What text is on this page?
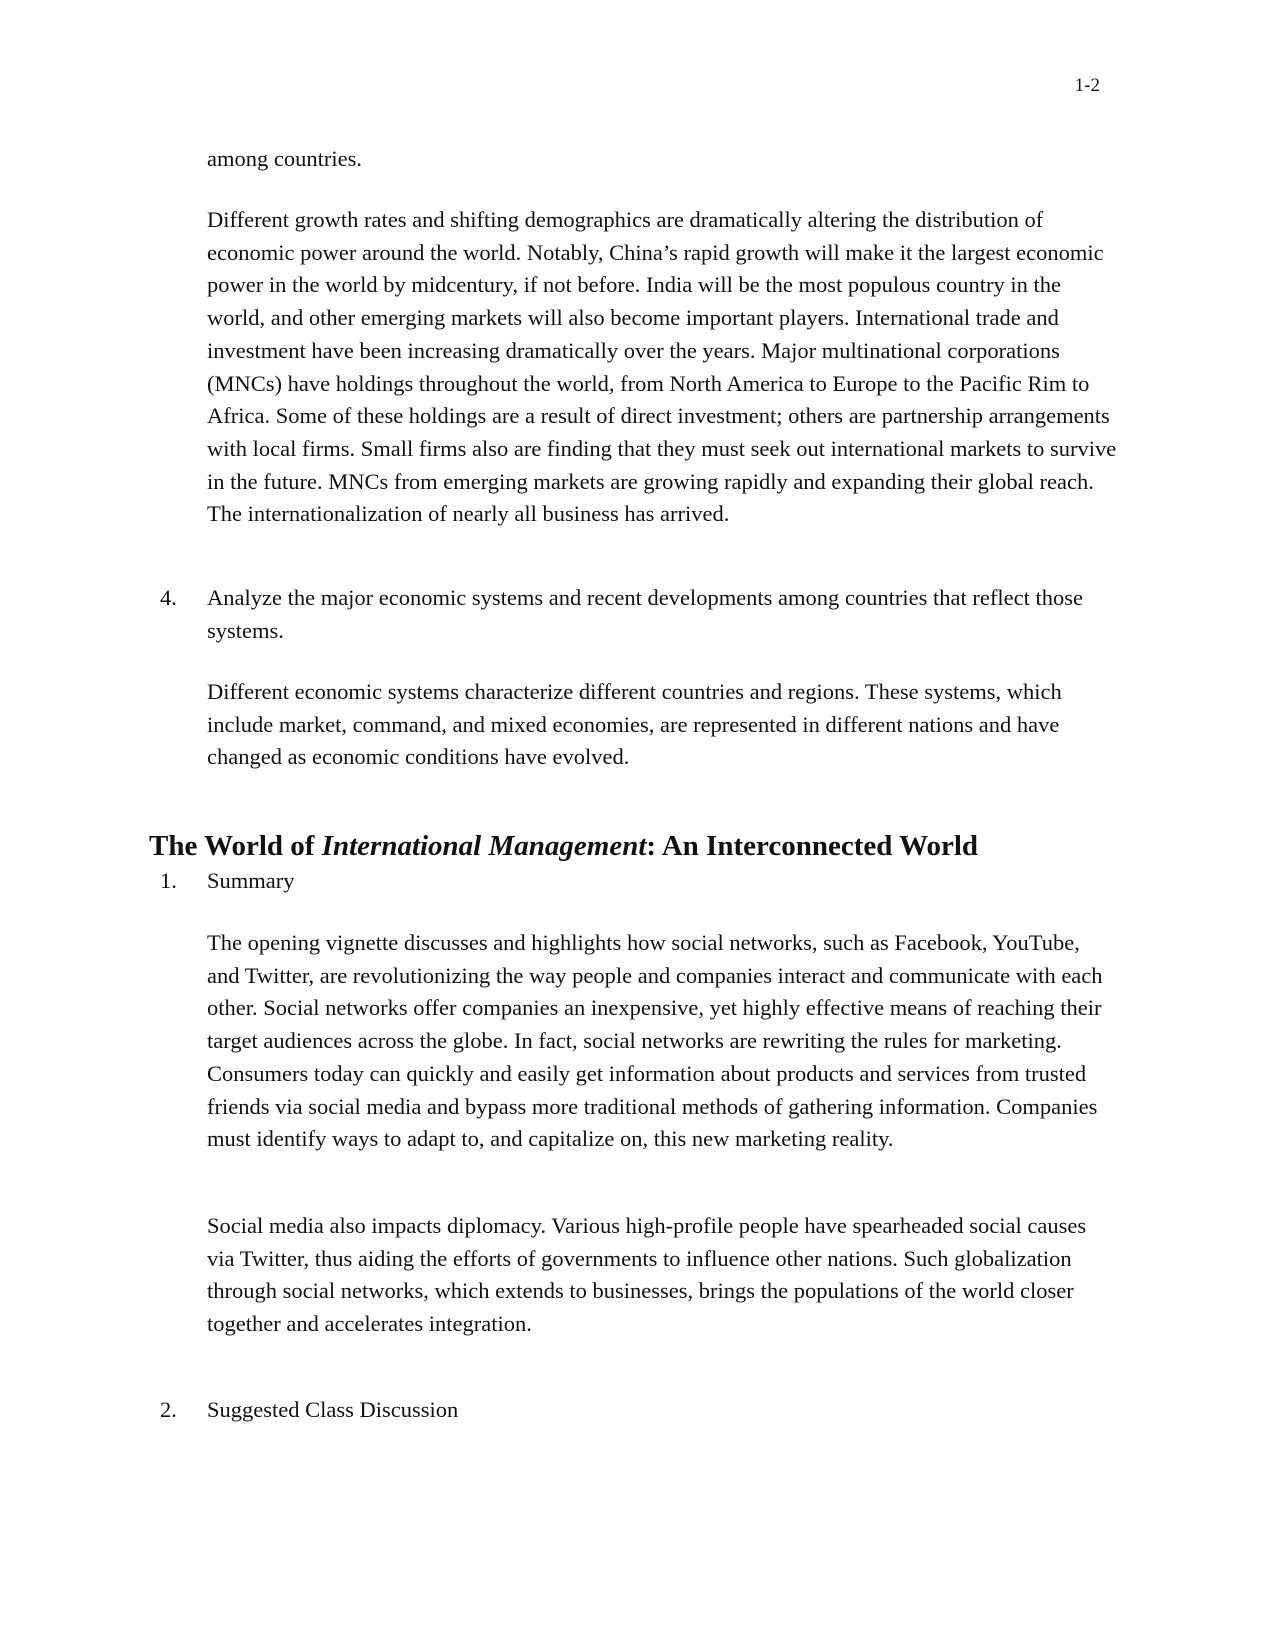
1-2

among countries.

Different growth rates and shifting demographics are dramatically altering the distribution of economic power around the world. Notably, China’s rapid growth will make it the largest economic power in the world by midcentury, if not before. India will be the most populous country in the world, and other emerging markets will also become important players. International trade and investment have been increasing dramatically over the years. Major multinational corporations (MNCs) have holdings throughout the world, from North America to Europe to the Pacific Rim to Africa. Some of these holdings are a result of direct investment; others are partnership arrangements with local firms. Small firms also are finding that they must seek out international markets to survive in the future. MNCs from emerging markets are growing rapidly and expanding their global reach. The internationalization of nearly all business has arrived.

4.	Analyze the major economic systems and recent developments among countries that reflect those systems.

Different economic systems characterize different countries and regions. These systems, which include market, command, and mixed economies, are represented in different nations and have changed as economic conditions have evolved.

The World of International Management: An Interconnected World
1.	Summary

The opening vignette discusses and highlights how social networks, such as Facebook, YouTube, and Twitter, are revolutionizing the way people and companies interact and communicate with each other. Social networks offer companies an inexpensive, yet highly effective means of reaching their target audiences across the globe. In fact, social networks are rewriting the rules for marketing. Consumers today can quickly and easily get information about products and services from trusted friends via social media and bypass more traditional methods of gathering information. Companies must identify ways to adapt to, and capitalize on, this new marketing reality.

Social media also impacts diplomacy. Various high-profile people have spearheaded social causes via Twitter, thus aiding the efforts of governments to influence other nations. Such globalization through social networks, which extends to businesses, brings the populations of the world closer together and accelerates integration.

2.	Suggested Class Discussion
